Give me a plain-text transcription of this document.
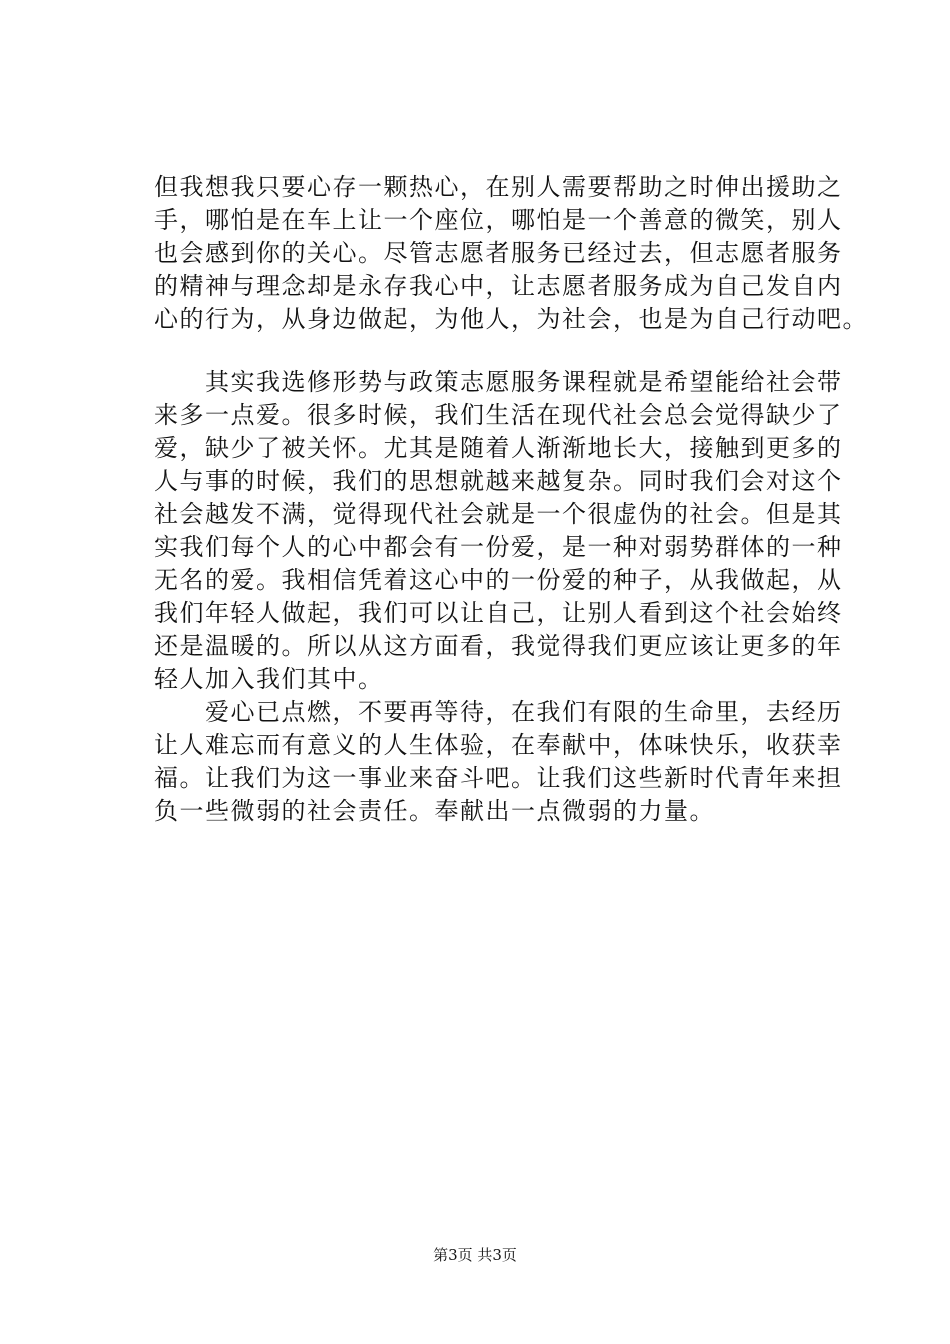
但我想我只要心存一颗热心，在别人需要帮助之时伸出援助之
手，哪怕是在车上让一个座位，哪怕是一个善意的微笑，别人
也会感到你的关心。尽管志愿者服务已经过去，但志愿者服务
的精神与理念却是永存我心中，让志愿者服务成为自己发自内
心的行为，从身边做起，为他人，为社会，也是为自己行动吧。
　　其实我选修形势与政策志愿服务课程就是希望能给社会带
来多一点爱。很多时候，我们生活在现代社会总会觉得缺少了
爱，缺少了被关怀。尤其是随着人渐渐地长大，接触到更多的
人与事的时候，我们的思想就越来越复杂。同时我们会对这个
社会越发不满，觉得现代社会就是一个很虚伪的社会。但是其
实我们每个人的心中都会有一份爱，是一种对弱势群体的一种
无名的爱。我相信凭着这心中的一份爱的种子，从我做起，从
我们年轻人做起，我们可以让自己，让别人看到这个社会始终
还是温暖的。所以从这方面看，我觉得我们更应该让更多的年
轻人加入我们其中。
　　爱心已点燃，不要再等待，在我们有限的生命里，去经历
让人难忘而有意义的人生体验，在奉献中，体味快乐，收获幸
福。让我们为这一事业来奋斗吧。让我们这些新时代青年来担
负一些微弱的社会责任。奉献出一点微弱的力量。
第3页 共3页
